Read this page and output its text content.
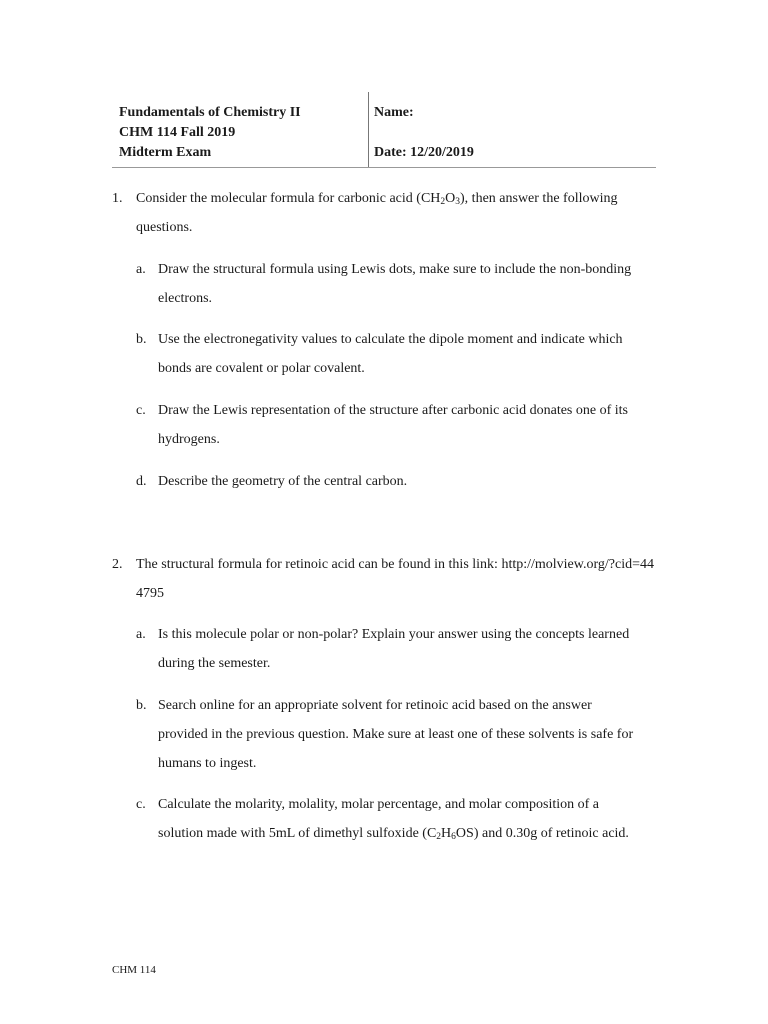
Fundamentals of Chemistry II
CHM 114 Fall 2019
Midterm Exam
Name:
Date: 12/20/2019
1. Consider the molecular formula for carbonic acid $(CH_2O_3)$, then answer the following questions.
a. Draw the structural formula using Lewis dots, make sure to include the non-bonding electrons.
b. Use the electronegativity values to calculate the dipole moment and indicate which bonds are covalent or polar covalent.
c. Draw the Lewis representation of the structure after carbonic acid donates one of its hydrogens.
d. Describe the geometry of the central carbon.
2. The structural formula for retinoic acid can be found in this link: http://molview.org/?cid=444795
a. Is this molecule polar or non-polar? Explain your answer using the concepts learned during the semester.
b. Search online for an appropriate solvent for retinoic acid based on the answer provided in the previous question. Make sure at least one of these solvents is safe for humans to ingest.
c. Calculate the molarity, molality, molar percentage, and molar composition of a solution made with 5mL of dimethyl sulfoxide $(C_2H_6OS)$ and 0.30g of retinoic acid.
CHM 114
